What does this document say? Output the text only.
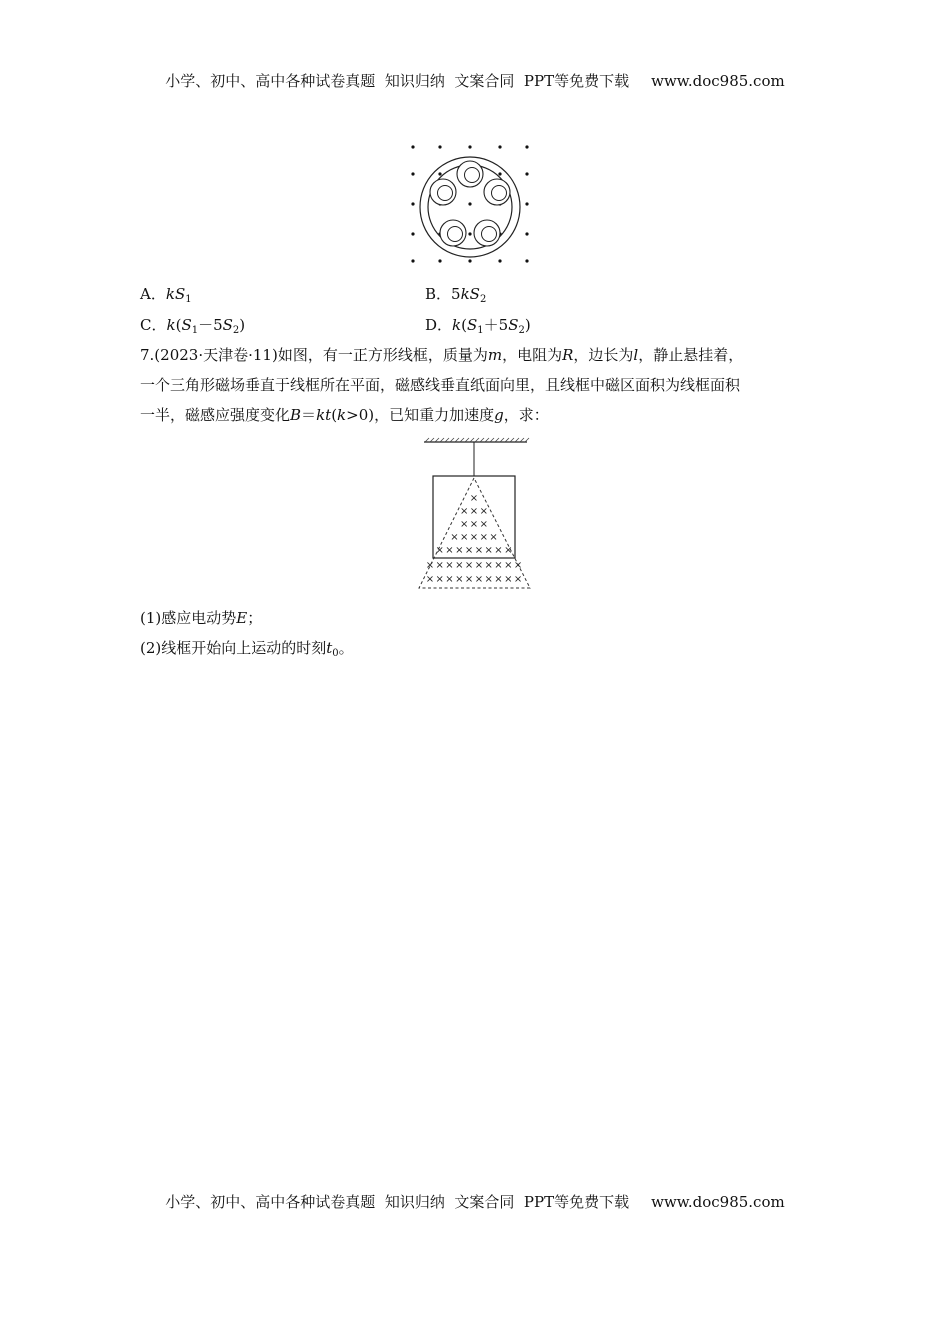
小学、初中、高中各种试卷真题  知识归纳  文案合同  PPT等免费下载 www.doc985.com
A．$kS_1$	B．$5kS_2$
C．$k(S_1-5S_2)$	D．$k(S_1+5S_2)$
7.(2023·天津卷·11)如图，有一正方形线框，质量为m，电阻为R，边长为l，静止悬挂着，
一个三角形磁场垂直于线框所在平面，磁感线垂直纸面向里，且线框中磁区面积为线框面积
一半，磁感应强度变化B＝kt(k>0)，已知重力加速度g，求：
×
× × ×
× × ×
× × × × ×
× × × × × × × ×
× × × × × × × × × ×
× × × × × × × × × ×
(1)感应电动势E；
(2)线框开始向上运动的时刻$t_0$。
小学、初中、高中各种试卷真题  知识归纳  文案合同  PPT等免费下载 www.doc985.com
